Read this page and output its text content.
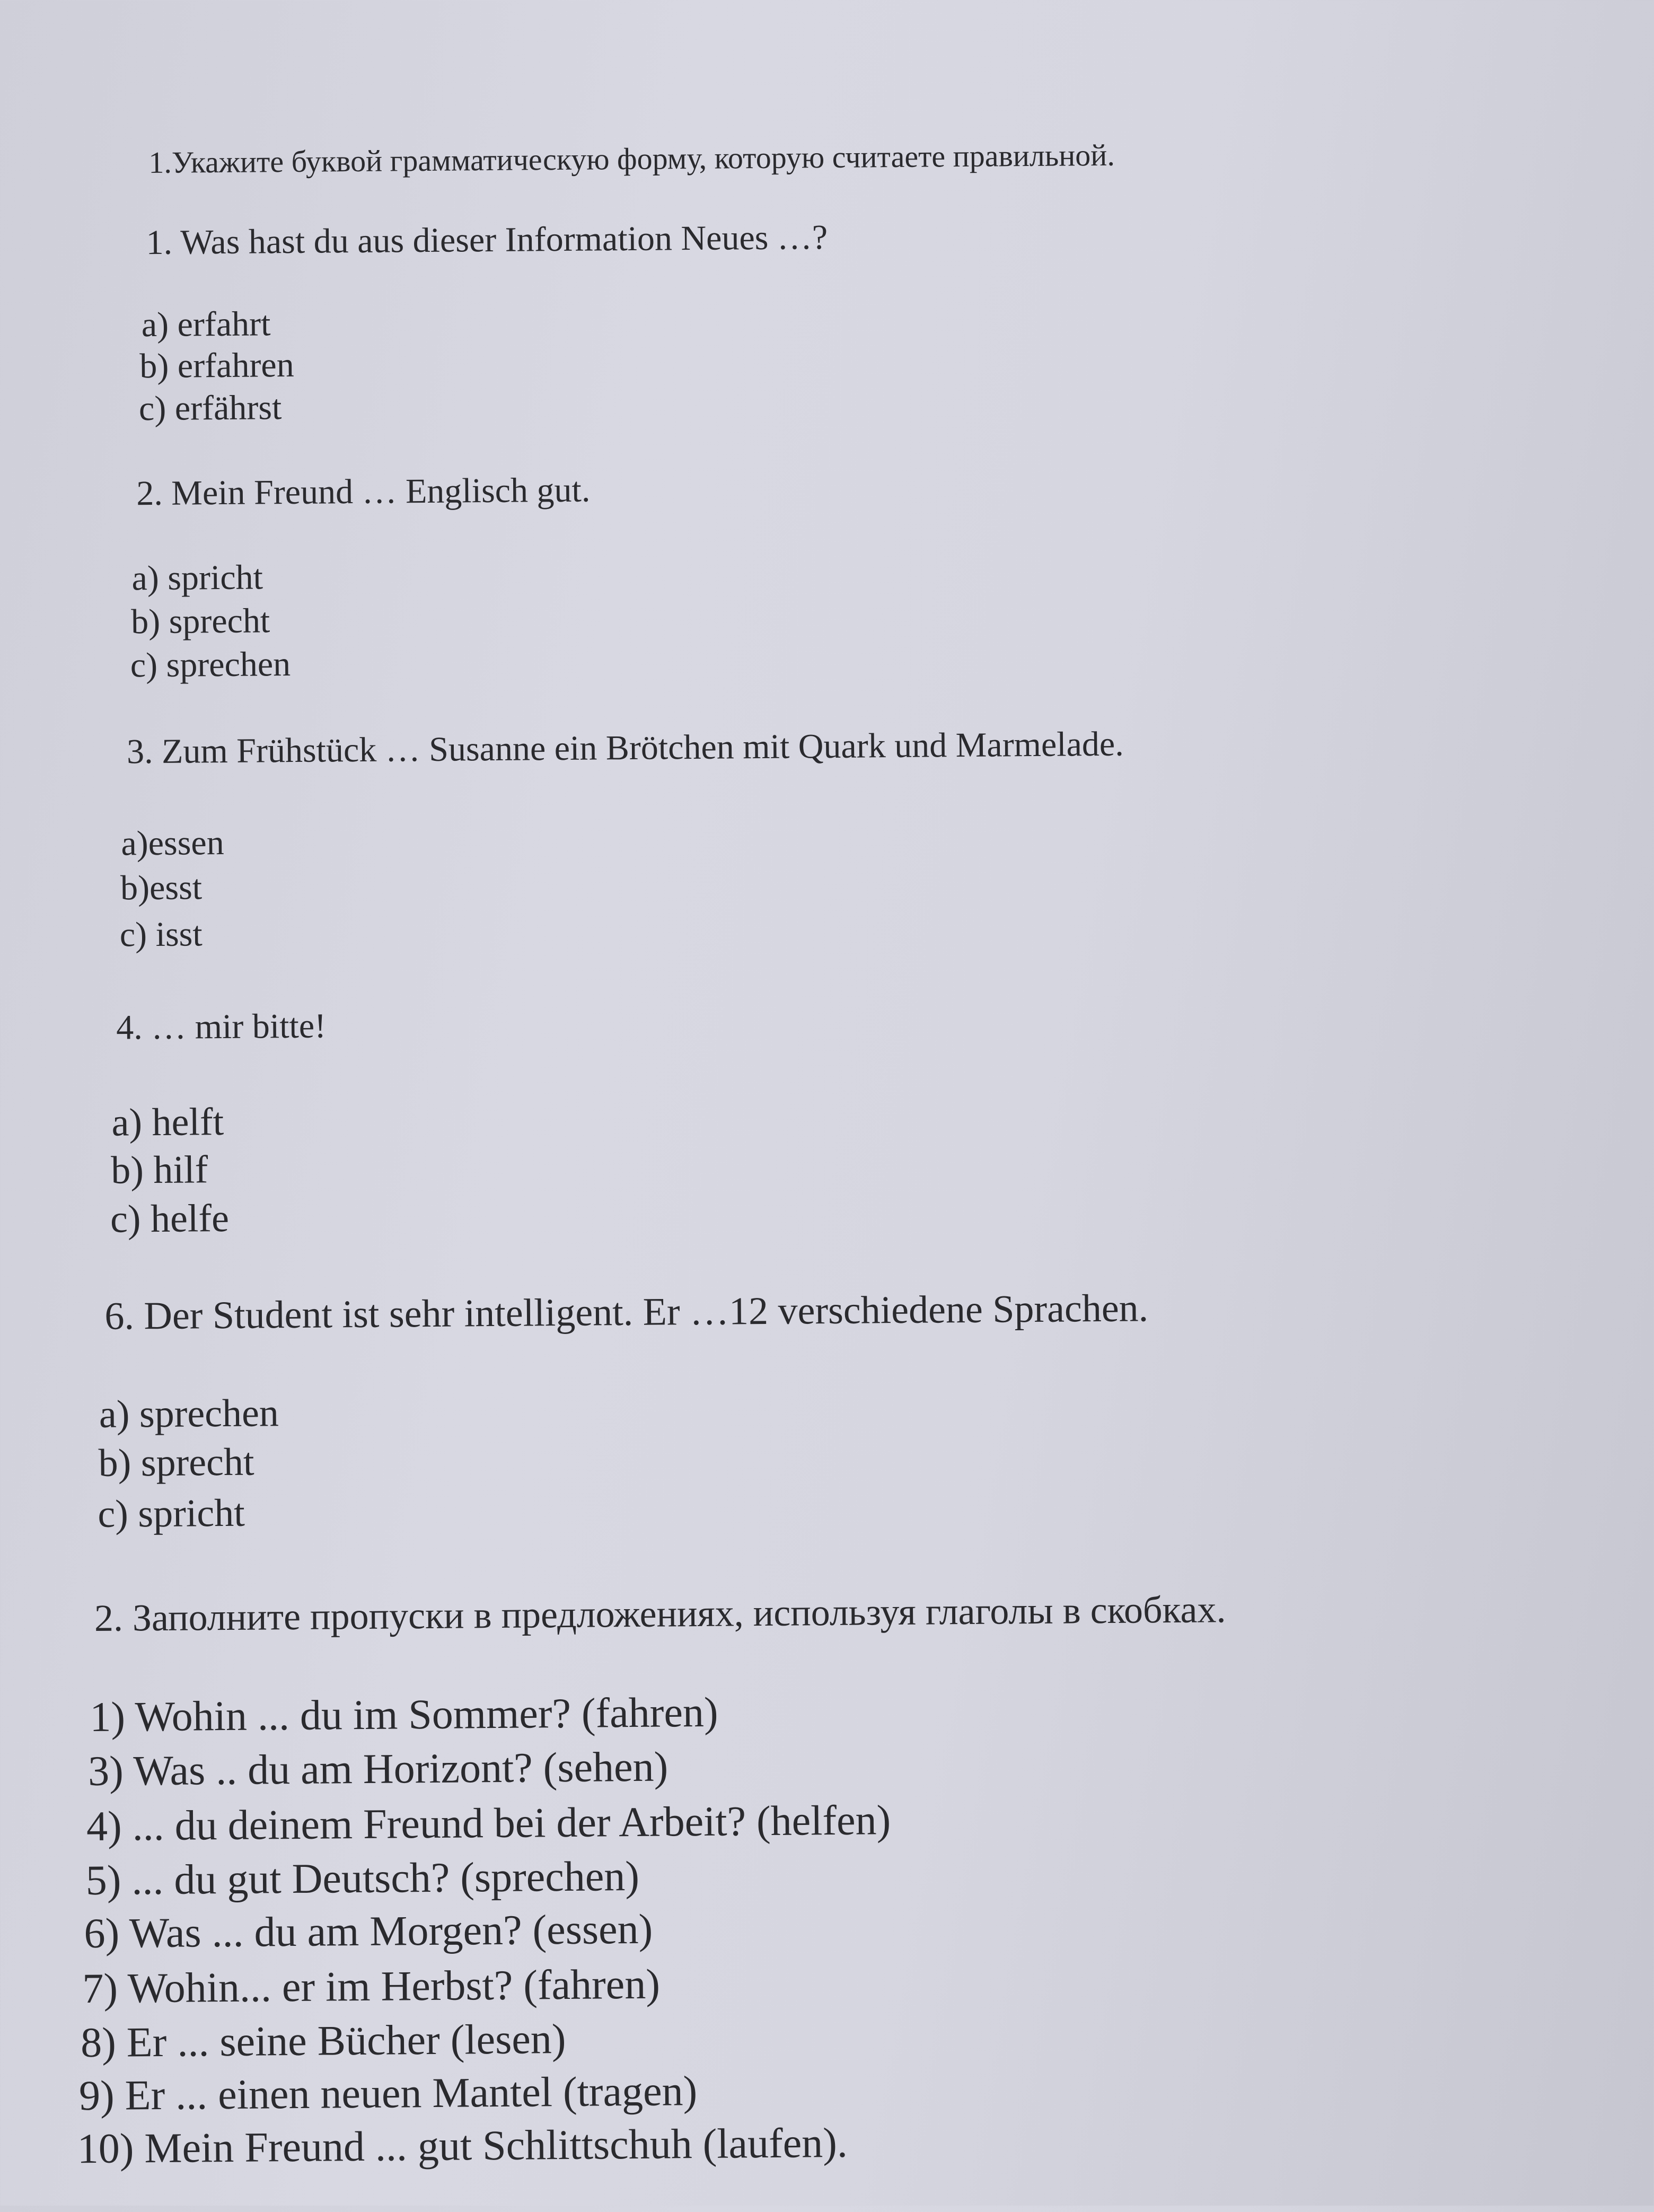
1.Укажите буквой грамматическую форму, которую считаете правильной.
1. Was hast du aus dieser Information Neues …?
a) erfahrt
b) erfahren
c) erfährst
2. Mein Freund … Englisch gut.
a) spricht
b) sprecht
c) sprechen
3. Zum Frühstück … Susanne ein Brötchen mit Quark und Marmelade.
a)essen
b)esst
c) isst
4. … mir bitte!
a) helft
b) hilf
c) helfe
6. Der Student ist sehr intelligent. Er …12 verschiedene Sprachen.
a) sprechen
b) sprecht
c) spricht
2. Заполните пропуски в предложениях, используя глаголы в скобках.
1) Wohin ... du im Sommer? (fahren)
3) Was .. du am Horizont? (sehen)
4) ... du deinem Freund bei der Arbeit? (helfen)
5) ... du gut Deutsch? (sprechen)
6) Was ... du am Morgen? (essen)
7) Wohin... er im Herbst? (fahren)
8) Er ... seine Bücher (lesen)
9) Er ... einen neuen Mantel (tragen)
10) Mein Freund ... gut Schlittschuh (laufen).
